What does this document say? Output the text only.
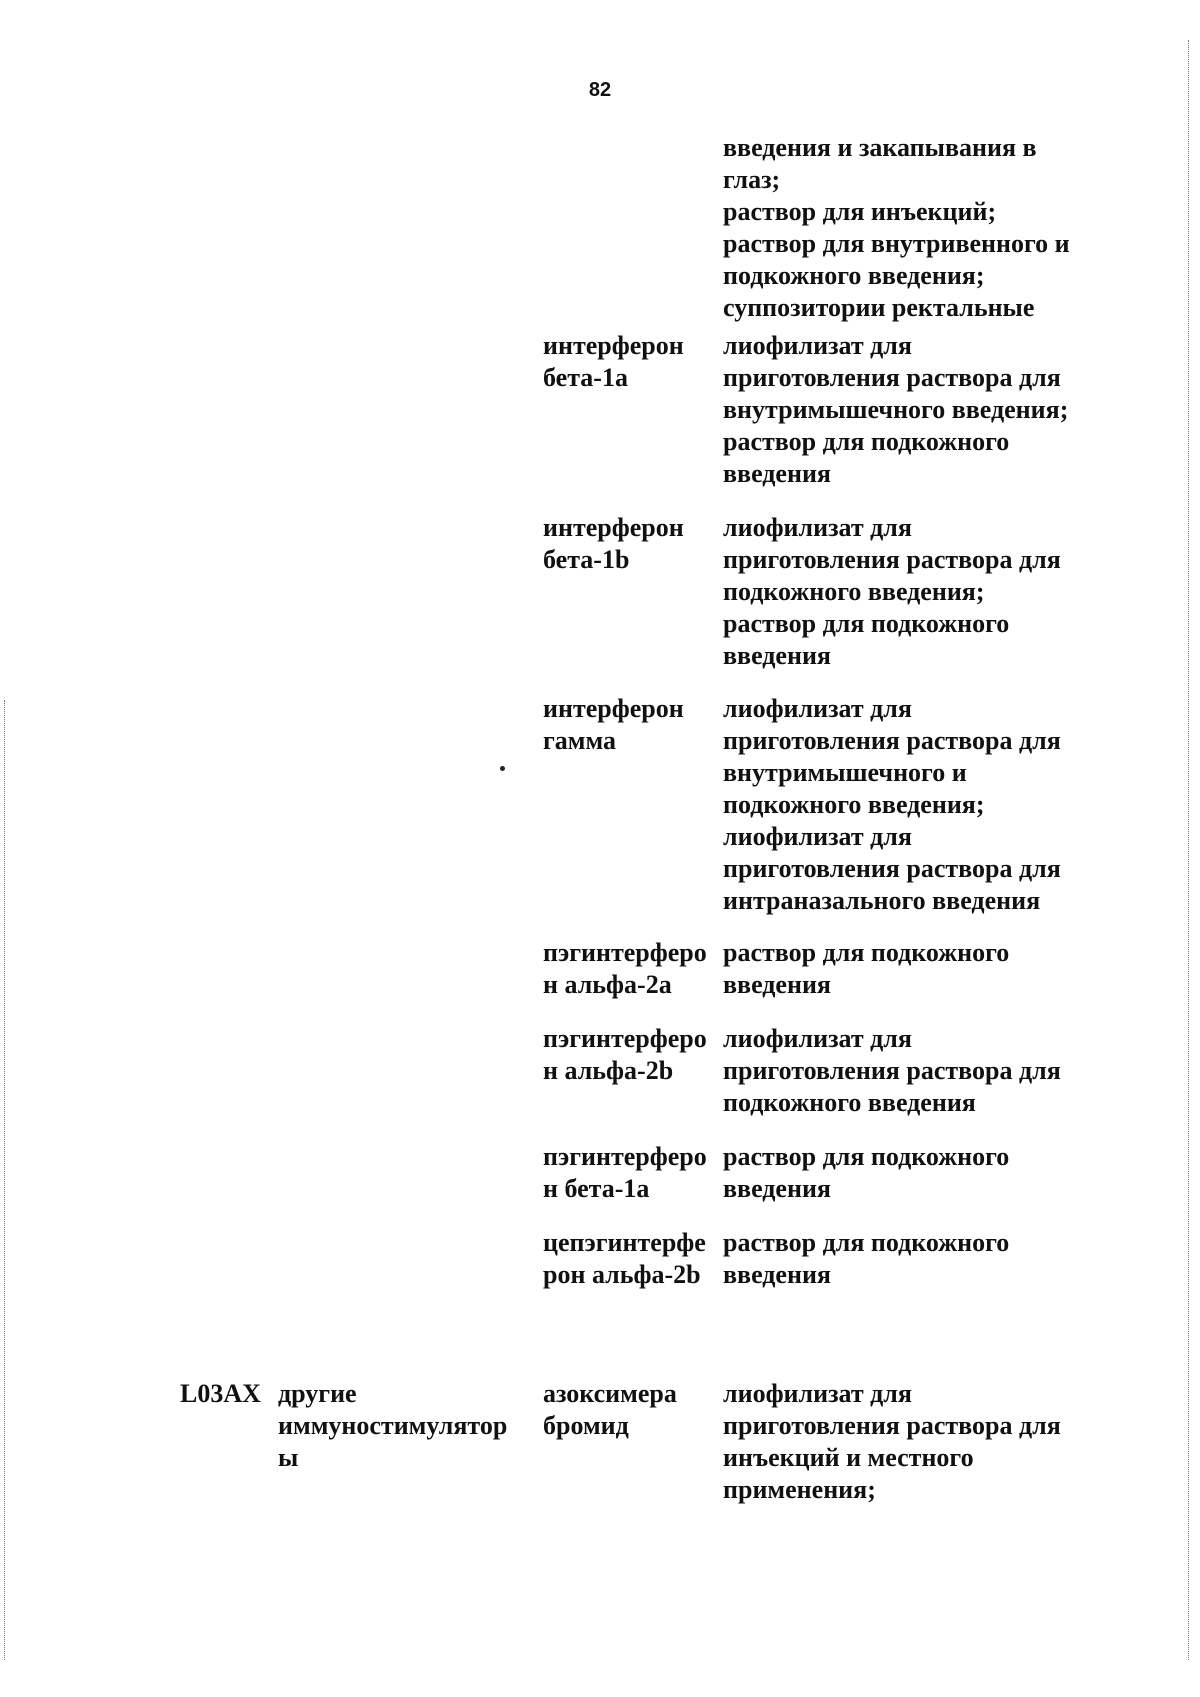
82
введения и закапывания в
глаз;
раствор для инъекций;
раствор для внутривенного и
подкожного введения;
суппозитории ректальные
интерферон
бета-1a
лиофилизат для
приготовления раствора для
внутримышечного введения;
раствор для подкожного
введения
интерферон
бета-1b
лиофилизат для
приготовления раствора для
подкожного введения;
раствор для подкожного
введения
интерферон
гамма
лиофилизат для
приготовления раствора для
внутримышечного и
подкожного введения;
лиофилизат для
приготовления раствора для
интраназального введения
пэгинтерферо
н альфа-2a
раствор для подкожного
введения
пэгинтерферо
н альфа-2b
лиофилизат для
приготовления раствора для
подкожного введения
пэгинтерферо
н бета-1a
раствор для подкожного
введения
цепэгинтерфе
рон альфа-2b
раствор для подкожного
введения
L03AX другие
иммуностимулятор
ы
азоксимера
бромид
лиофилизат для
приготовления раствора для
инъекций и местного
применения;
